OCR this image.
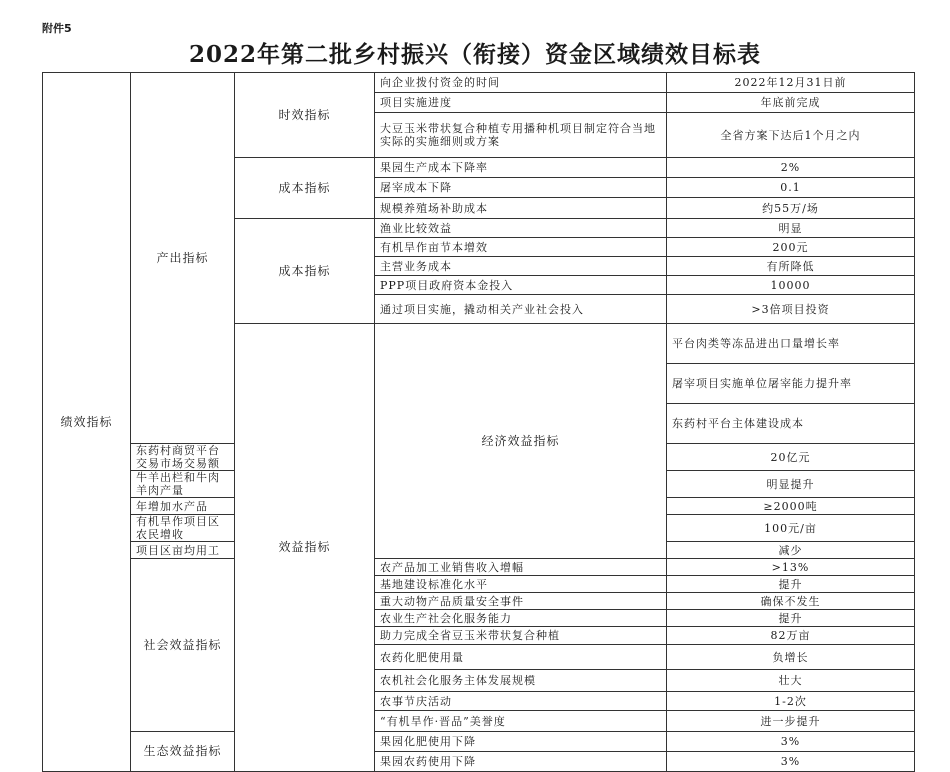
附件5
2022年第二批乡村振兴（衔接）资金区域绩效目标表
绩效指标	产出指标	时效指标	向企业拨付资金的时间	2022年12月31日前	
			项目实施进度	年底前完成	
			大豆玉米带状复合种植专用播种机项目制定符合当地实际的实施细则或方案	全省方案下达后1个月之内	
		成本指标	果园生产成本下降率	2%	
			屠宰成本下降	0.1	
			规模养殖场补助成本	约55万/场	
		成本指标	渔业比较效益	明显	
			有机旱作亩节本增效	200元	
			主营业务成本	有所降低	
			PPP项目政府资本金投入	10000	
			通过项目实施，撬动相关产业社会投入	>3倍项目投资	
		效益指标	经济效益指标	平台肉类等冻品进出口量增长率	
				屠宰项目实施单位屠宰能力提升率	
				东药村平台主体建设成本	
	东药村商贸平台交易市场交易额			20亿元	
	牛羊出栏和牛肉羊肉产量			明显提升	
	年增加水产品			≥2000吨	
	有机旱作项目区农民增收			100元/亩	
	项目区亩均用工			减少	
	社会效益指标		农产品加工业销售收入增幅	>13%	
			基地建设标准化水平	提升	
			重大动物产品质量安全事件	确保不发生	
			农业生产社会化服务能力	提升	
			助力完成全省豆玉米带状复合种植	82万亩	
			农药化肥使用量	负增长	
			农机社会化服务主体发展规模	壮大	
			农事节庆活动	1-2次	
			“有机旱作·晋品”美誉度	进一步提升	
	生态效益指标		果园化肥使用下降	3%	
			果园农药使用下降	3%	
